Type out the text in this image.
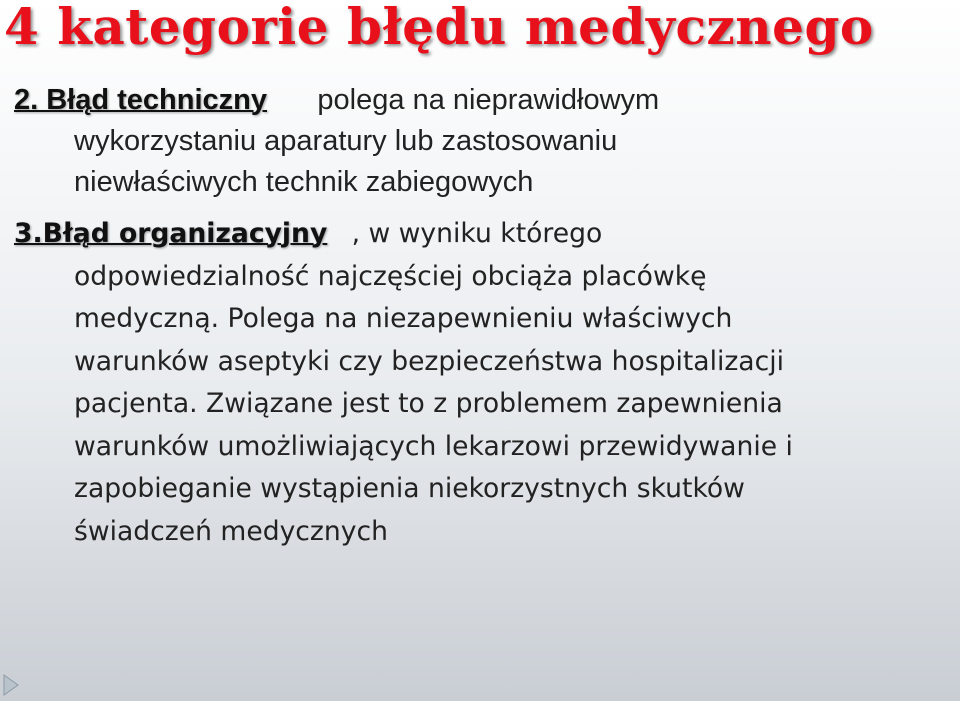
4 kategorie błędu medycznego
2. Błąd techniczny	polega na nieprawidłowym
wykorzystaniu aparatury lub zastosowaniu
niewłaściwych technik zabiegowych
3.Błąd organizacyjny , w wyniku którego
odpowiedzialność najczęściej obciąża placówkę
medyczną. Polega na niezapewnieniu właściwych
warunków aseptyki czy bezpieczeństwa hospitalizacji
pacjenta. Związane jest to z problemem zapewnienia
warunków umożliwiających lekarzowi przewidywanie i
zapobieganie wystąpienia niekorzystnych skutków
świadczeń medycznych
